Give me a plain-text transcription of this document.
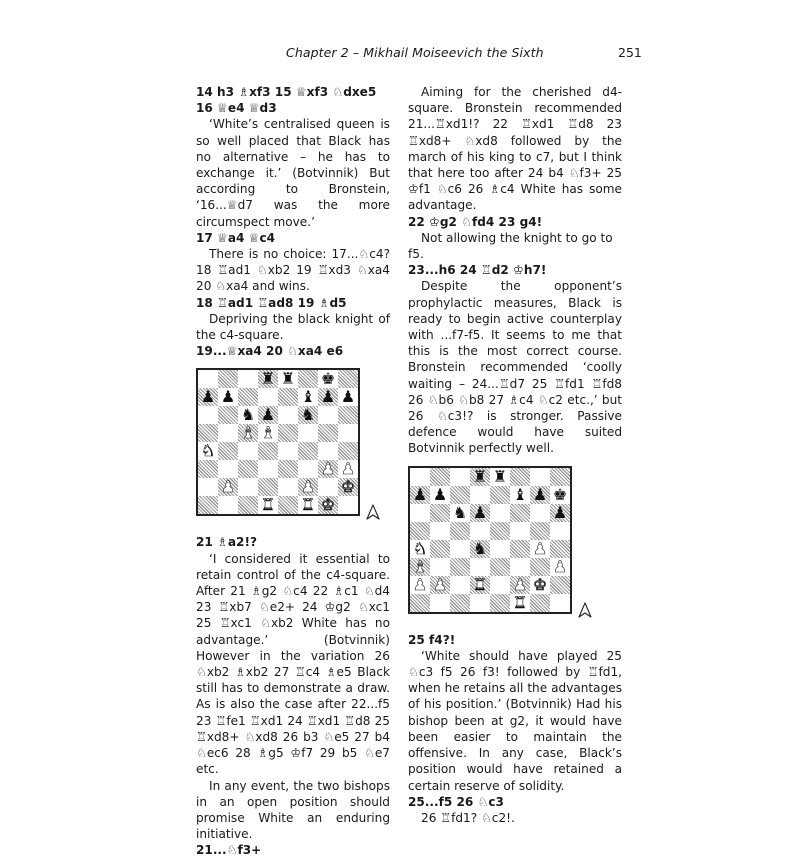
Chapter 2 – Mikhail Moiseevich the Sixth	251

14 h3 ♗xf3 15 ♕xf3 ♘dxe5 16 ♕e4 ♕d3

‘White’s centralised queen is so well placed that Black has no alternative – he has to exchange it.’ (Botvinnik) But according to Bronstein, ‘16...♕d7 was the more circumspect move.’

17 ♕a4 ♕c4

There is no choice: 17...♘c4? 18 ♖ad1 ♘xb2 19 ♖xd3 ♘xa4 20 ♘xa4 and wins.

18 ♖ad1 ♖ad8 19 ♗d5

Depriving the black knight of the c4-square.

19...♕xa4 20 ♘xa4 e6

♜ ♜ ♚
♟ ♟	♝ ♟ ♟
♞ ♟ ♞
♝ ♝
♞
♟ ♟
♟	♟ ♚
♜ ♜ ♚

21 ♗a2!?

‘I considered it essential to retain control of the c4-square. After 21 ♗g2 ♘c4 22 ♗c1 ♘d4 23 ♖xb7 ♘e2+ 24 ♔g2 ♘xc1 25 ♖xc1 ♘xb2 White has no advantage.’ (Botvinnik) However in the variation 26 ♘xb2 ♗xb2 27 ♖c4 ♗e5 Black still has to demonstrate a draw. As is also the case after 22...f5 23 ♖fe1 ♖xd1 24 ♖xd1 ♖d8 25 ♖xd8+ ♘xd8 26 b3 ♘e5 27 b4 ♘ec6 28 ♗g5 ♔f7 29 b5 ♘e7 etc.

In any event, the two bishops in an open position should promise White an enduring initiative.

21...♘f3+

Aiming for the cherished d4-square. Bronstein recommended 21...♖xd1!? 22 ♖xd1 ♖d8 23 ♖xd8+ ♘xd8 followed by the march of his king to c7, but I think that here too after 24 b4 ♘f3+ 25 ♔f1 ♘c6 26 ♗c4 White has some advantage.

22 ♔g2 ♘fd4 23 g4!

Not allowing the knight to go to f5.

23...h6 24 ♖d2 ♔h7!

Despite the opponent’s prophylactic measures, Black is ready to begin active counterplay with ...f7-f5. It seems to me that this is the most correct course. Bronstein recommended ‘coolly waiting – 24...♖d7 25 ♖fd1 ♖fd8 26 ♘b6 ♘b8 27 ♗c4 ♘c2 etc.,’ but 26 ♘c3!? is stronger. Passive defence would have suited Botvinnik perfectly well.

♜ ♜
♟ ♟	♝ ♟ ♚
♞ ♟	♟
♞	♞	♟
♝	♟
♟ ♟ ♜ ♟ ♚
♜

25 f4?!

‘White should have played 25 ♘c3 f5 26 f3! followed by ♖fd1, when he retains all the advantages of his position.’ (Botvinnik) Had his bishop been at g2, it would have been easier to maintain the offensive. In any case, Black’s position would have retained a certain reserve of solidity.

25...f5 26 ♘c3

26 ♖fd1? ♘c2!.
